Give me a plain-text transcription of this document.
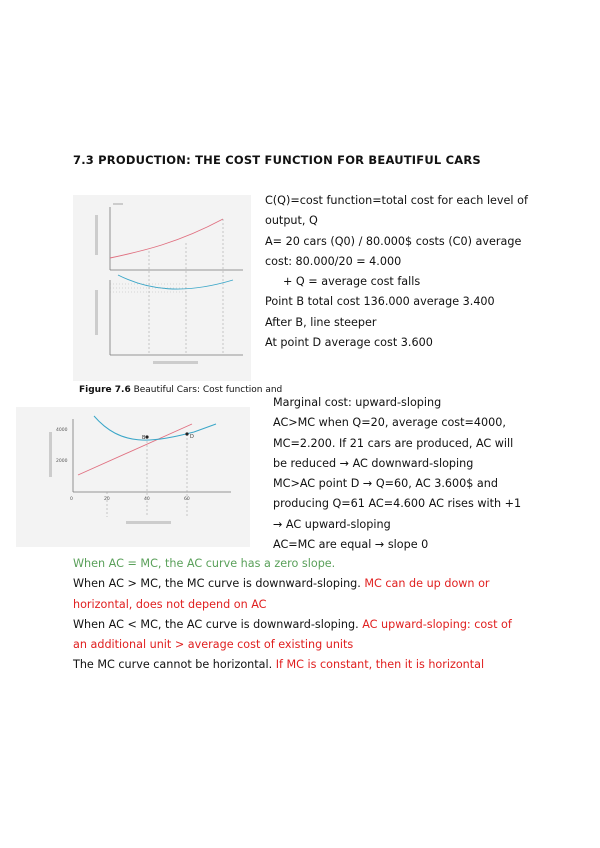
7.3 PRODUCTION: THE COST FUNCTION FOR BEAUTIFUL CARS
Figure 7.6 Beautiful Cars: Cost function and
C(Q)=cost function=total cost for each level of
output, Q
A= 20 cars (Q0) / 80.000$ costs (C0) average
cost: 80.000/20 = 4.000
+ Q = average cost falls
Point B total cost 136.000 average 3.400
After B, line steeper
At point D average cost 3.600
B	D
4000
2000
0	20	40	60
Marginal cost: upward-sloping
AC>MC when Q=20, average cost=4000,
MC=2.200. If 21 cars are produced, AC will
be reduced → AC downward-sloping
MC>AC point D → Q=60, AC 3.600$ and
producing Q=61 AC=4.600 AC rises with +1
→ AC upward-sloping
AC=MC are equal → slope 0
When AC = MC, the AC curve has a zero slope.
When AC > MC, the MC curve is downward-sloping. MC can de up down or
horizontal, does not depend on AC
When AC < MC, the AC curve is downward-sloping. AC upward-sloping: cost of
an additional unit > average cost of existing units
The MC curve cannot be horizontal. If MC is constant, then it is horizontal
